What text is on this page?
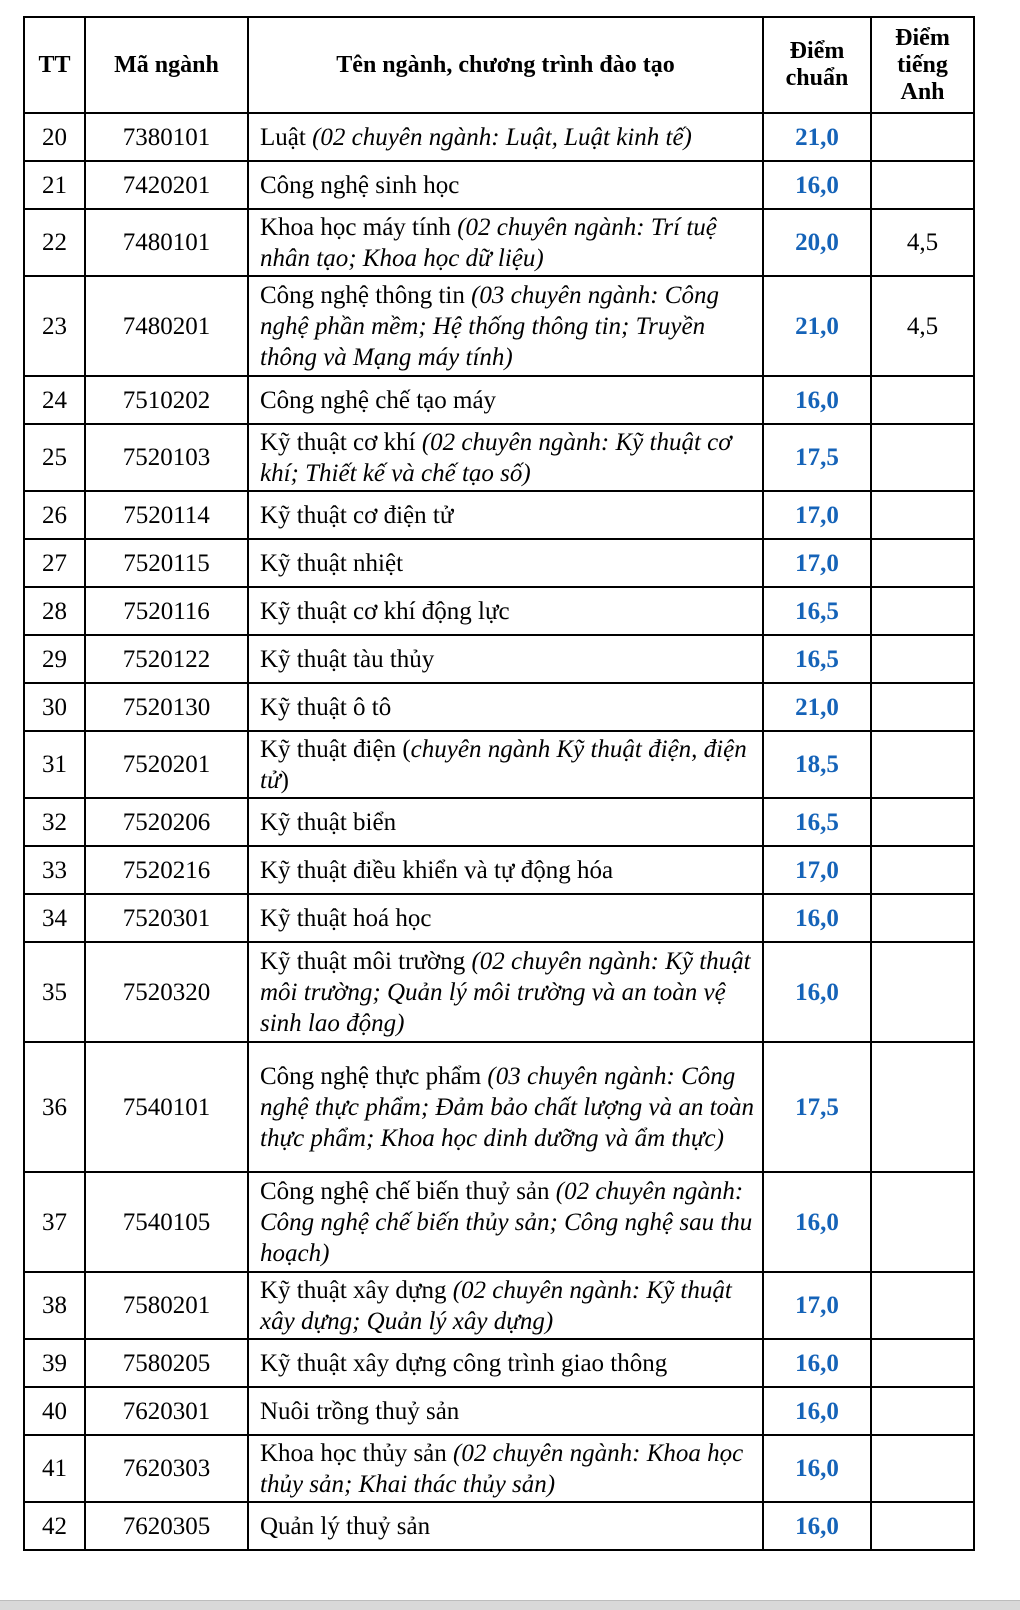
TT	Mã ngành	Tên ngành, chương trình đào tạo	Điểm chuẩn	Điểm tiếng Anh
20	7380101	Luật (02 chuyên ngành: Luật, Luật kinh tế)	21,0	
21	7420201	Công nghệ sinh học	16,0	
22	7480101	Khoa học máy tính (02 chuyên ngành: Trí tuệ nhân tạo; Khoa học dữ liệu)	20,0	4,5
23	7480201	Công nghệ thông tin (03 chuyên ngành: Công nghệ phần mềm; Hệ thống thông tin; Truyền thông và Mạng máy tính)	21,0	4,5
24	7510202	Công nghệ chế tạo máy	16,0	
25	7520103	Kỹ thuật cơ khí (02 chuyên ngành: Kỹ thuật cơ khí; Thiết kế và chế tạo số)	17,5	
26	7520114	Kỹ thuật cơ điện tử	17,0	
27	7520115	Kỹ thuật nhiệt	17,0	
28	7520116	Kỹ thuật cơ khí động lực	16,5	
29	7520122	Kỹ thuật tàu thủy	16,5	
30	7520130	Kỹ thuật ô tô	21,0	
31	7520201	Kỹ thuật điện (chuyên ngành Kỹ thuật điện, điện tử)	18,5	
32	7520206	Kỹ thuật biển	16,5	
33	7520216	Kỹ thuật điều khiển và tự động hóa	17,0	
34	7520301	Kỹ thuật hoá học	16,0	
35	7520320	Kỹ thuật môi trường (02 chuyên ngành: Kỹ thuật môi trường; Quản lý môi trường và an toàn vệ sinh lao động)	16,0	
36	7540101	Công nghệ thực phẩm (03 chuyên ngành: Công nghệ thực phẩm; Đảm bảo chất lượng và an toàn thực phẩm; Khoa học dinh dưỡng và ẩm thực)	17,5	
37	7540105	Công nghệ chế biến thuỷ sản (02 chuyên ngành: Công nghệ chế biến thủy sản; Công nghệ sau thu hoạch)	16,0	
38	7580201	Kỹ thuật xây dựng (02 chuyên ngành: Kỹ thuật xây dựng; Quản lý xây dựng)	17,0	
39	7580205	Kỹ thuật xây dựng công trình giao thông	16,0	
40	7620301	Nuôi trồng thuỷ sản	16,0	
41	7620303	Khoa học thủy sản (02 chuyên ngành: Khoa học thủy sản; Khai thác thủy sản)	16,0	
42	7620305	Quản lý thuỷ sản	16,0	
